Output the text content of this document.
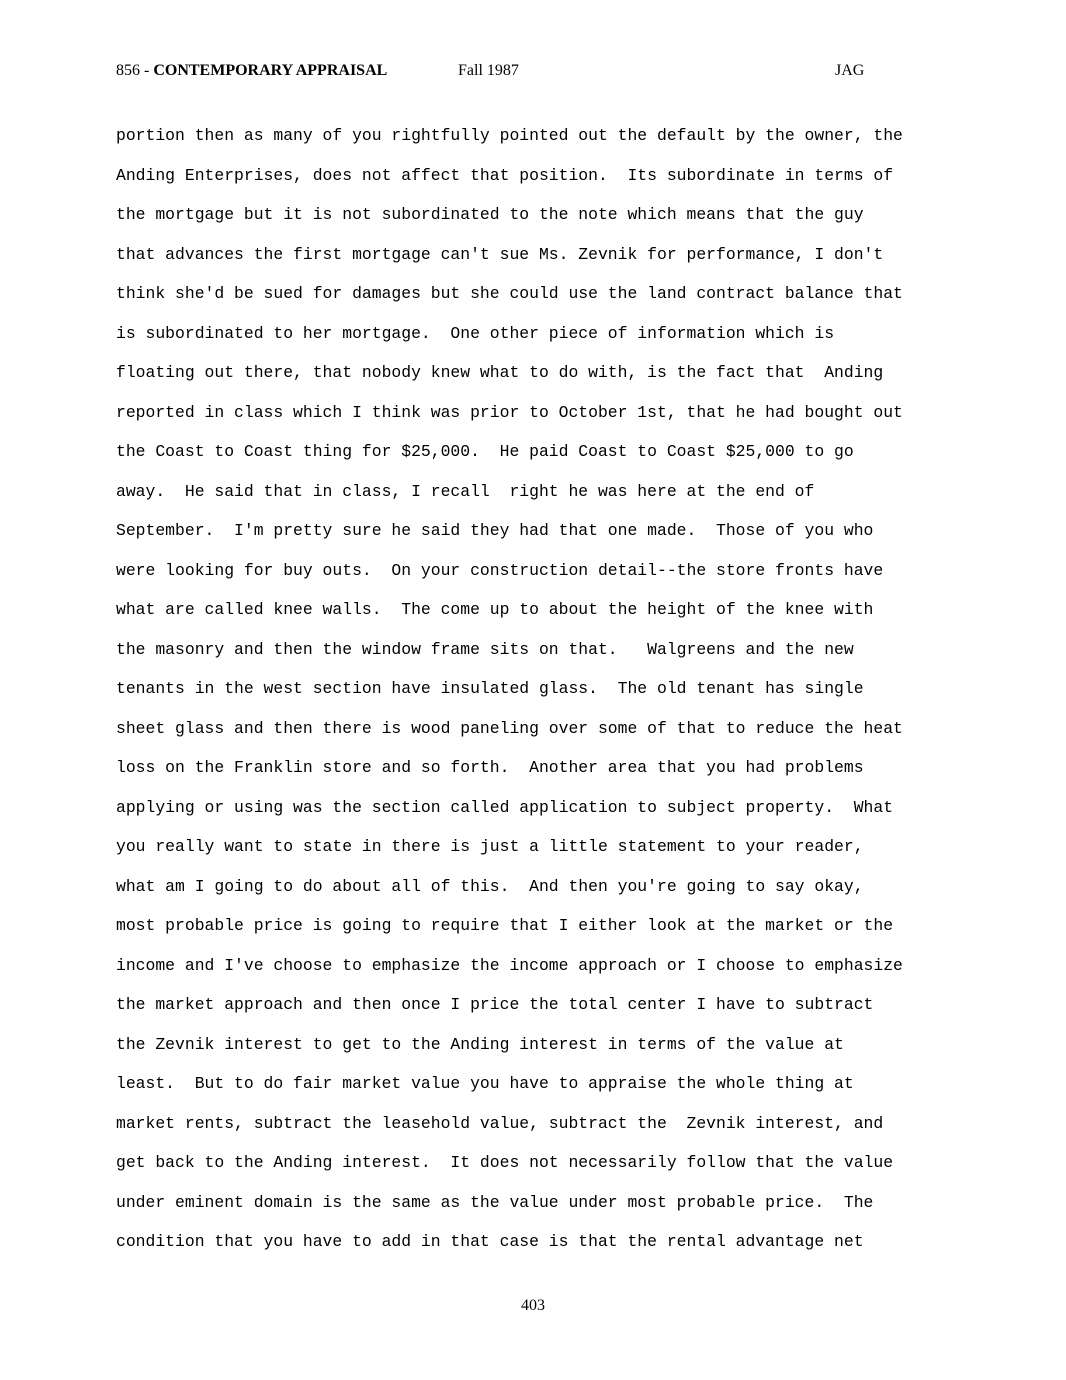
856 - CONTEMPORARY APPRAISAL	Fall 1987	JAG
portion then as many of you rightfully pointed out the default by the owner, the
Anding Enterprises, does not affect that position.  Its subordinate in terms of
the mortgage but it is not subordinated to the note which means that the guy
that advances the first mortgage can't sue Ms. Zevnik for performance, I don't
think she'd be sued for damages but she could use the land contract balance that
is subordinated to her mortgage.  One other piece of information which is
floating out there, that nobody knew what to do with, is the fact that  Anding
reported in class which I think was prior to October 1st, that he had bought out
the Coast to Coast thing for $25,000.  He paid Coast to Coast $25,000 to go
away.  He said that in class, I recall  right he was here at the end of
September.  I'm pretty sure he said they had that one made.  Those of you who
were looking for buy outs.  On your construction detail--the store fronts have
what are called knee walls.  The come up to about the height of the knee with
the masonry and then the window frame sits on that.   Walgreens and the new
tenants in the west section have insulated glass.  The old tenant has single
sheet glass and then there is wood paneling over some of that to reduce the heat
loss on the Franklin store and so forth.  Another area that you had problems
applying or using was the section called application to subject property.  What
you really want to state in there is just a little statement to your reader,
what am I going to do about all of this.  And then you're going to say okay,
most probable price is going to require that I either look at the market or the
income and I've choose to emphasize the income approach or I choose to emphasize
the market approach and then once I price the total center I have to subtract
the Zevnik interest to get to the Anding interest in terms of the value at
least.  But to do fair market value you have to appraise the whole thing at
market rents, subtract the leasehold value, subtract the  Zevnik interest, and
get back to the Anding interest.  It does not necessarily follow that the value
under eminent domain is the same as the value under most probable price.  The
condition that you have to add in that case is that the rental advantage net
403
